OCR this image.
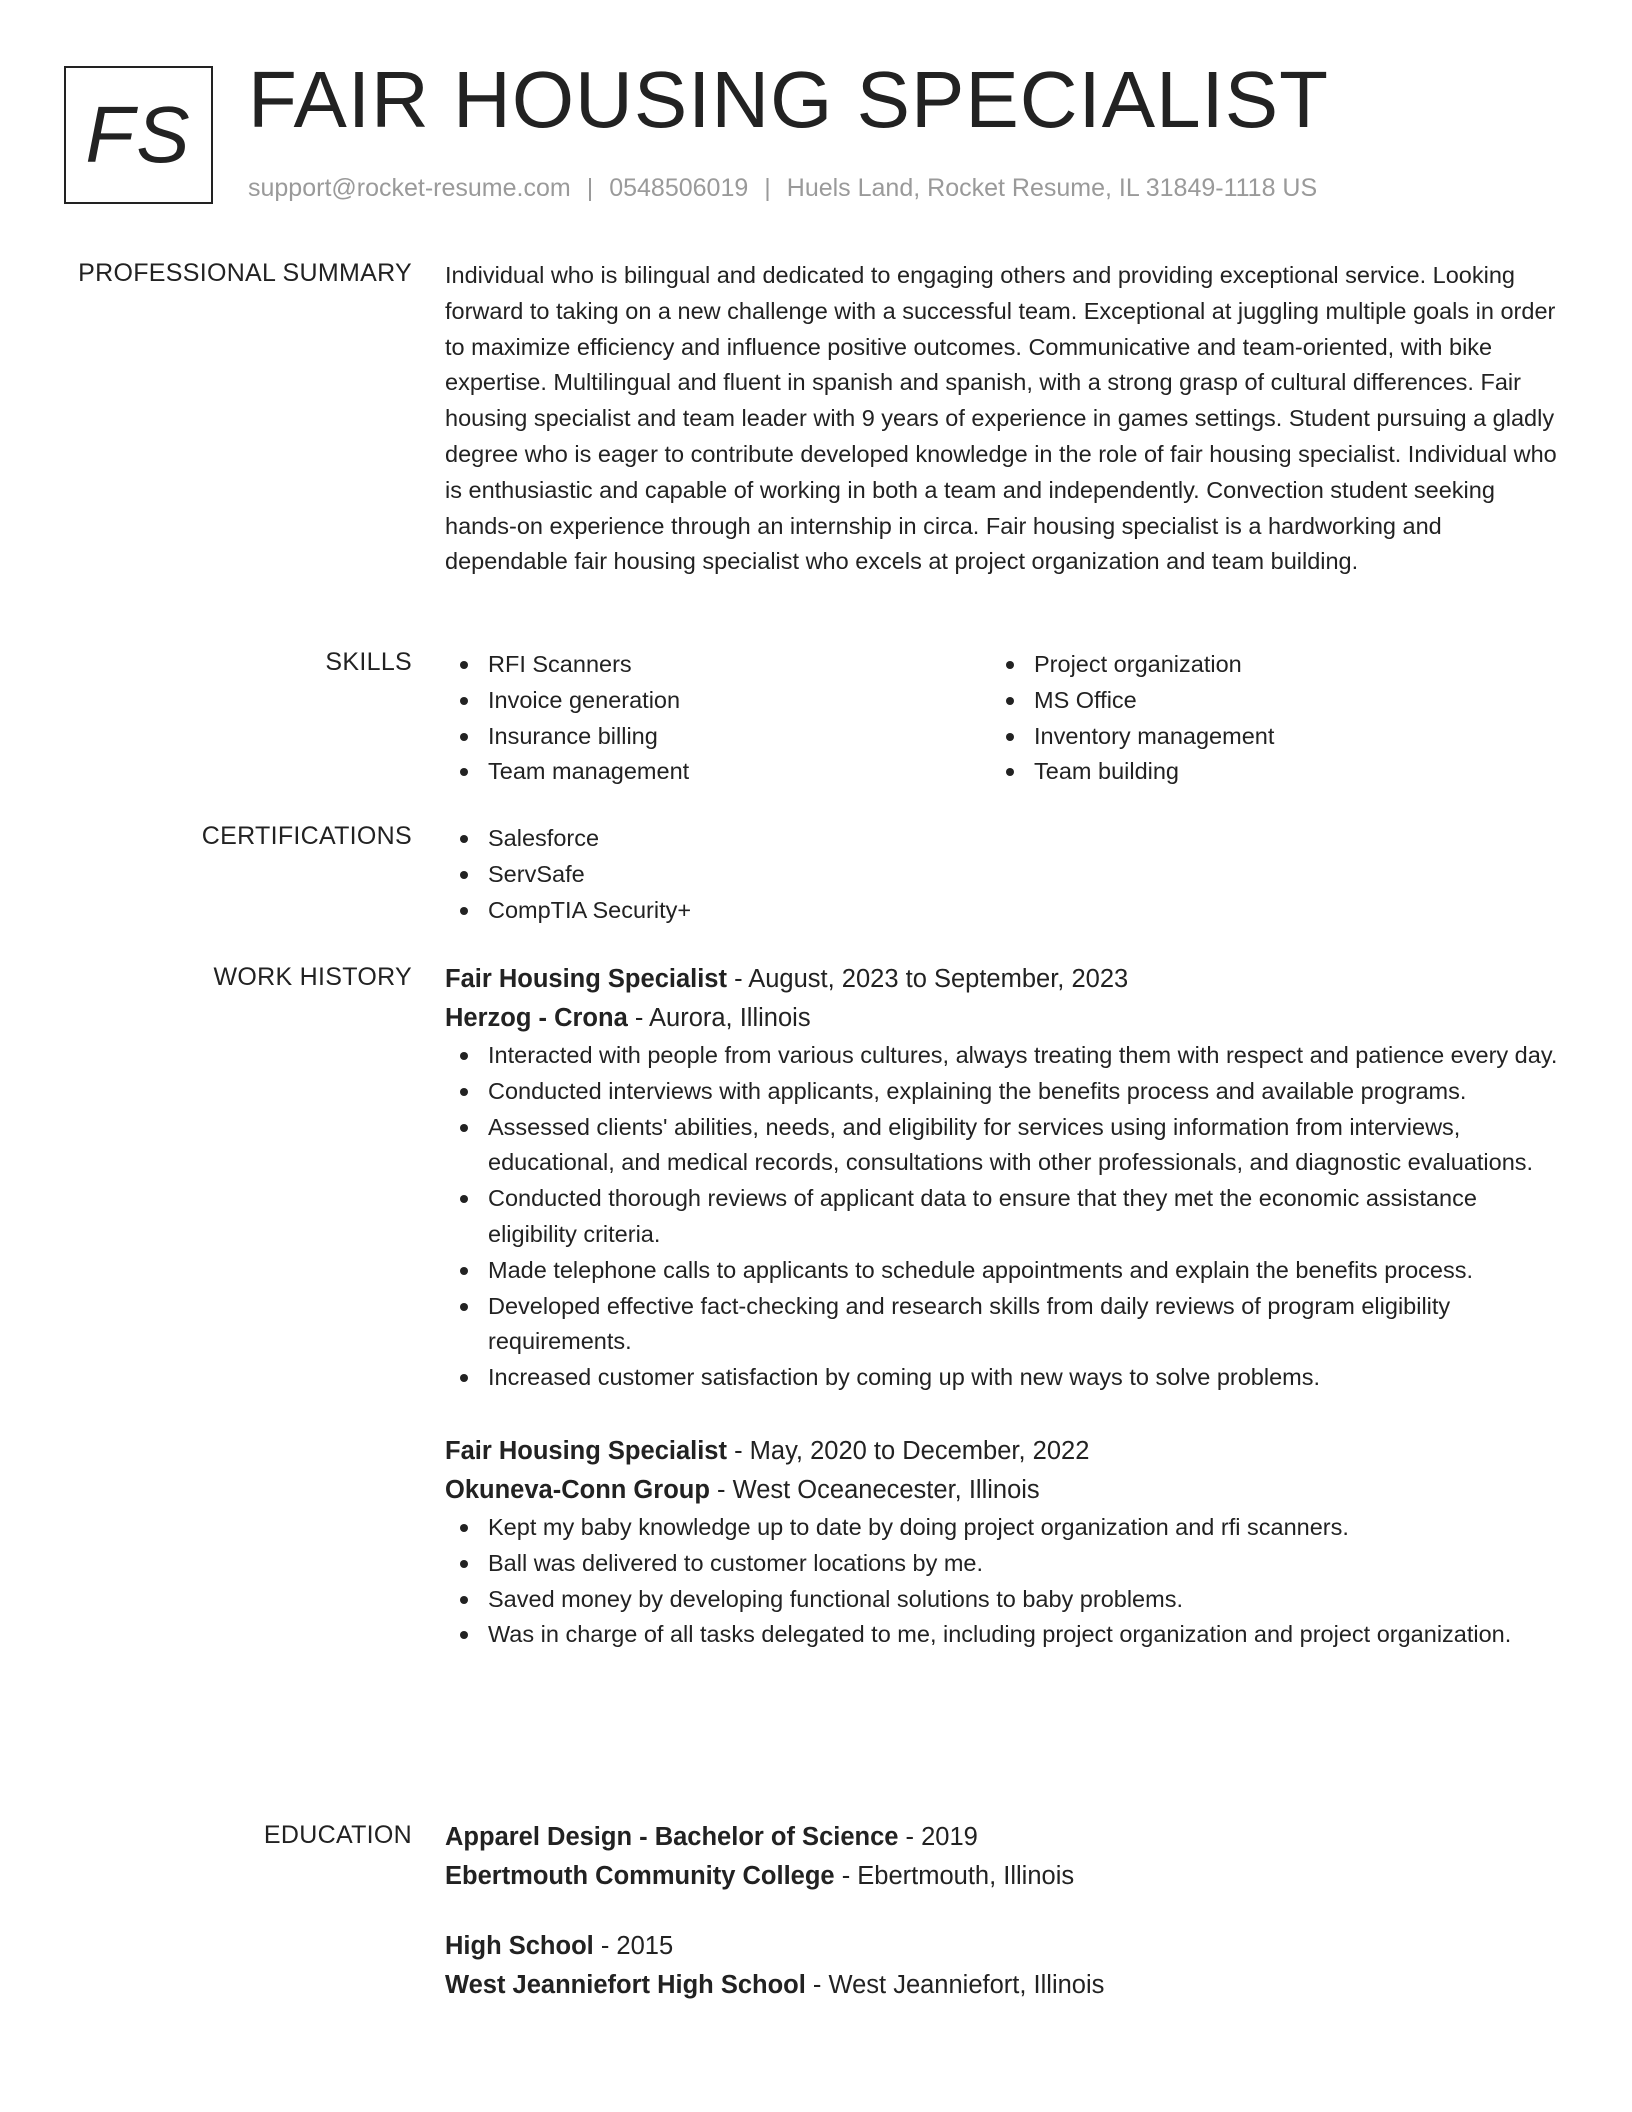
FS FAIR HOUSING SPECIALIST
support@rocket-resume.com | 0548506019 | Huels Land, Rocket Resume, IL 31849-1118 US
PROFESSIONAL SUMMARY Individual who is bilingual and dedicated to engaging others and providing exceptional service. Looking forward to taking on a new challenge with a successful team. Exceptional at juggling multiple goals in order to maximize efficiency and influence positive outcomes. Communicative and team-oriented, with bike expertise. Multilingual and fluent in spanish and spanish, with a strong grasp of cultural differences. Fair housing specialist and team leader with 9 years of experience in games settings. Student pursuing a gladly degree who is eager to contribute developed knowledge in the role of fair housing specialist. Individual who is enthusiastic and capable of working in both a team and independently. Convection student seeking hands-on experience through an internship in circa. Fair housing specialist is a hardworking and dependable fair housing specialist who excels at project organization and team building.

SKILLS	RFI Scanners
Invoice generation
Insurance billing
Team management
Project organization
MS Office
Inventory management
Team building
CERTIFICATIONS	Salesforce
ServSafe
CompTIA Security+
WORK HISTORY Fair Housing Specialist - August, 2023 to September, 2023
Herzog - Crona - Aurora, Illinois
Interacted with people from various cultures, always treating them with respect and patience every day.
Conducted interviews with applicants, explaining the benefits process and available programs.
Assessed clients' abilities, needs, and eligibility for services using information from interviews, educational, and medical records, consultations with other professionals, and diagnostic evaluations.
Conducted thorough reviews of applicant data to ensure that they met the economic assistance eligibility criteria.
Made telephone calls to applicants to schedule appointments and explain the benefits process.
Developed effective fact-checking and research skills from daily reviews of program eligibility requirements.
Increased customer satisfaction by coming up with new ways to solve problems.
Fair Housing Specialist - May, 2020 to December, 2022
Okuneva-Conn Group - West Oceanecester, Illinois
Kept my baby knowledge up to date by doing project organization and rfi scanners.
Ball was delivered to customer locations by me.
Saved money by developing functional solutions to baby problems.
Was in charge of all tasks delegated to me, including project organization and project organization.
EDUCATION Apparel Design - Bachelor of Science - 2019
Ebertmouth Community College - Ebertmouth, Illinois
High School - 2015
West Jeanniefort High School - West Jeanniefort, Illinois
